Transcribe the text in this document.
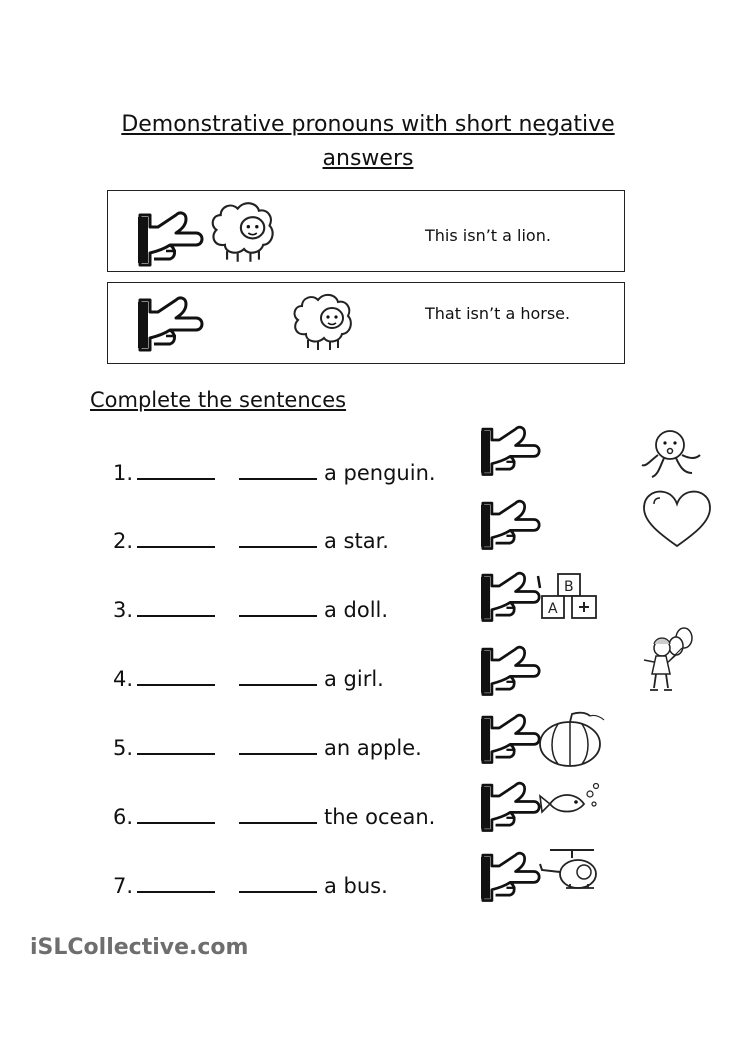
Demonstrative pronouns with short negative
answers
This isn’t a lion.
That isn’t a horse.
Complete the sentences
1.	a penguin.
2.	a star.
3.	a doll.
4.	a girl.
5.	an apple.
6.	the ocean.
7.	a bus.
B
A
iSLCollective.com
